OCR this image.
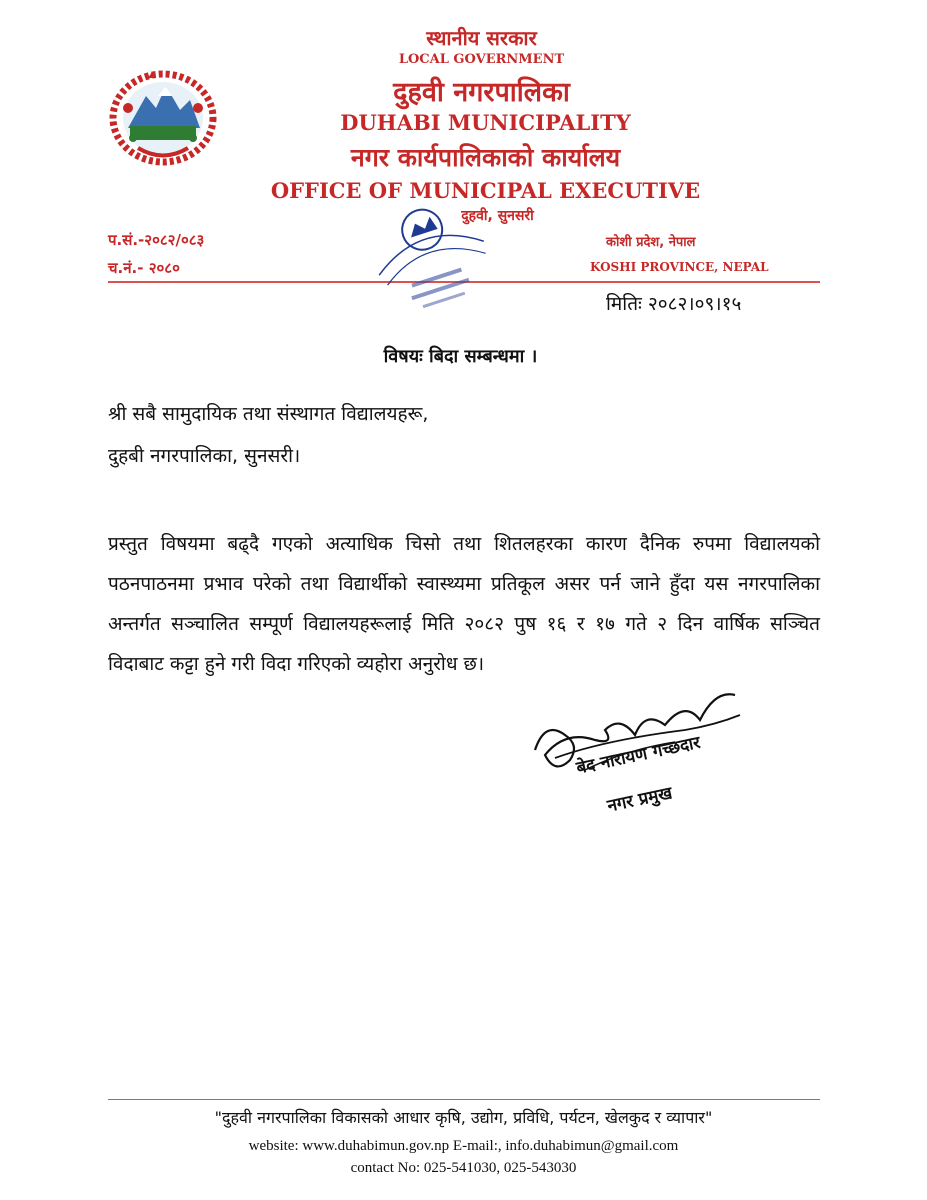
स्थानीय सरकार
LOCAL GOVERNMENT
दुहवी नगरपालिका
DUHABI MUNICIPALITY
नगर कार्यपालिकाको कार्यालय
OFFICE OF MUNICIPAL EXECUTIVE
दुहवी, सुनसरी
प.सं.-२०८२/०८३
च.नं.- २०८०
कोशी प्रदेश, नेपाल
KOSHI PROVINCE, NEPAL
मितिः २०८२।०९।१५
विषयः बिदा सम्बन्धमा ।
श्री सबै सामुदायिक तथा संस्थागत विद्यालयहरू,
दुहबी नगरपालिका, सुनसरी।
प्रस्तुत विषयमा बढ्दै गएको अत्याधिक चिसो तथा शितलहरका कारण दैनिक रुपमा विद्यालयको पठनपाठनमा प्रभाव परेको तथा विद्यार्थीको स्वास्थ्यमा प्रतिकूल असर पर्न जाने हुँदा यस नगरपालिका अन्तर्गत सञ्चालित सम्पूर्ण विद्यालयहरूलाई मिति २०८२ पुष १६ र १७ गते २ दिन वार्षिक सञ्चित विदाबाट कट्टा हुने गरी विदा गरिएको व्यहोरा अनुरोध छ।
बेद नारायण गच्छदार
नगर प्रमुख
"दुहवी नगरपालिका विकासको आधार कृषि, उद्योग, प्रविधि, पर्यटन, खेलकुद र व्यापार"
website: www.duhabimun.gov.np E-mail:, info.duhabimun@gmail.com
contact No: 025-541030, 025-543030
